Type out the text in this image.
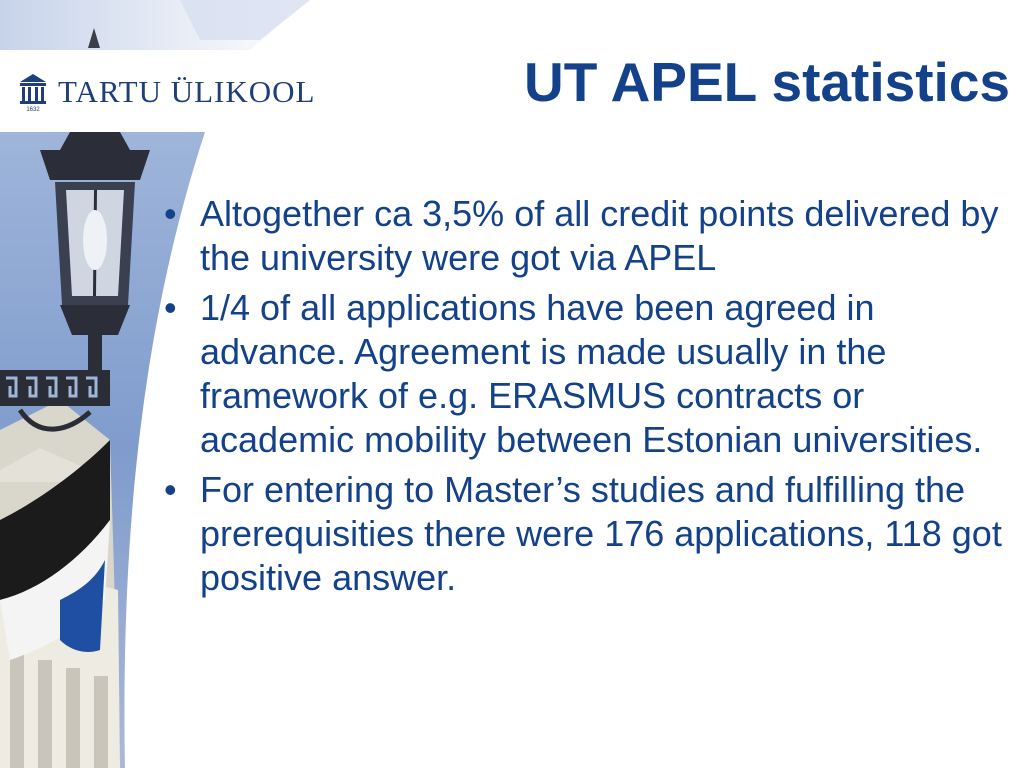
1632
TARTU ÜLIKOOL	UT APEL statistics
• Altogether ca 3,5% of all credit points delivered by the university were got via APEL
• 1/4 of all applications have been agreed in advance. Agreement is made usually in the framework of e.g. ERASMUS contracts or academic mobility between Estonian universities.
• For entering to Master’s studies and fulfilling the prerequisities there were 176 applications, 118 got positive answer.
